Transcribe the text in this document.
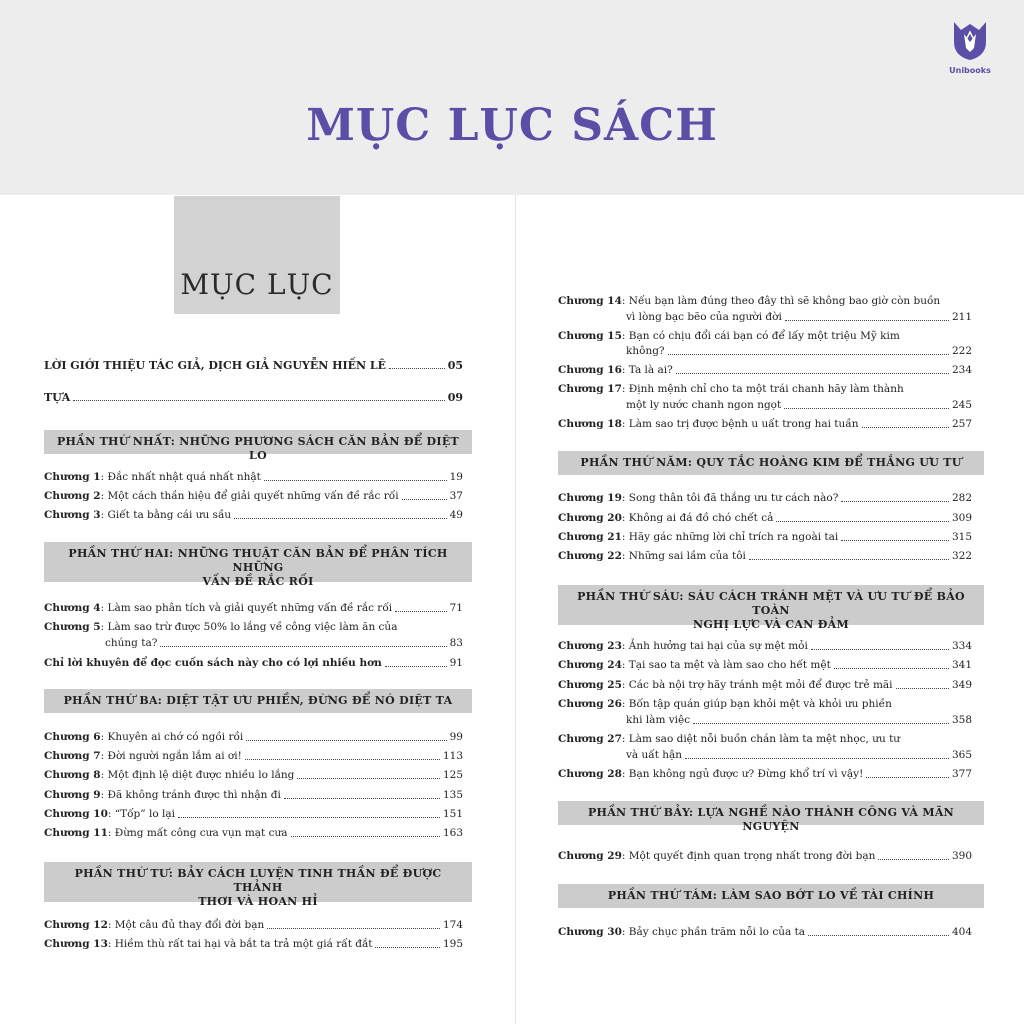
MỤC LỤC SÁCH
Unibooks
MỤC LỤC
LỜI GIỚI THIỆU TÁC GIẢ, DỊCH GIẢ NGUYỄN HIẾN LÊ	05
TỰA	09
PHẦN THỨ NHẤT: NHỮNG PHƯƠNG SÁCH CĂN BẢN ĐỂ DIỆT LO
Chương 1: Đắc nhất nhật quá nhất nhật	19
Chương 2: Một cách thần hiệu để giải quyết những vấn đề rắc rối	37
Chương 3: Giết ta bằng cái ưu sầu	49
PHẦN THỨ HAI: NHỮNG THUẬT CĂN BẢN ĐỂ PHÂN TÍCH NHỮNG
VẤN ĐỀ RẮC RỐI
Chương 4: Làm sao phân tích và giải quyết những vấn đề rắc rối	71
Chương 5: Làm sao trừ được 50% lo lắng về công việc làm ăn của
chúng ta?	83
Chỉ lời khuyên để đọc cuốn sách này cho có lợi nhiều hơn	91
PHẦN THỨ BA: DIỆT TẬT ƯU PHIỀN, ĐỪNG ĐỂ NÓ DIỆT TA
Chương 6: Khuyên ai chớ có ngồi rồi	99
Chương 7: Đời người ngắn lắm ai ơi!	113
Chương 8: Một định lệ diệt được nhiều lo lắng	125
Chương 9: Đã không tránh được thì nhận đi	135
Chương 10: “Tốp” lo lại	151
Chương 11: Đừng mất công cưa vụn mạt cưa	163
PHẦN THỨ TƯ: BẢY CÁCH LUYỆN TINH THẦN ĐỂ ĐƯỢC THẢNH
THƠI VÀ HOAN HỈ
Chương 12: Một câu đủ thay đổi đời bạn	174
Chương 13: Hiềm thù rất tai hại và bắt ta trả một giá rất đắt	195
Chương 14: Nếu bạn làm đúng theo đây thì sẽ không bao giờ còn buồn
vì lòng bạc bẽo của người đời	211
Chương 15: Bạn có chịu đổi cái bạn có để lấy một triệu Mỹ kim
không?	222
Chương 16: Ta là ai?	234
Chương 17: Định mệnh chỉ cho ta một trái chanh hãy làm thành
một ly nước chanh ngon ngọt	245
Chương 18: Làm sao trị được bệnh u uất trong hai tuần	257
PHẦN THỨ NĂM: QUY TẮC HOÀNG KIM ĐỂ THẮNG ƯU TƯ
Chương 19: Song thân tôi đã thắng ưu tư cách nào?	282
Chương 20: Không ai đá đồ chó chết cả	309
Chương 21: Hãy gác những lời chỉ trích ra ngoài tai	315
Chương 22: Những sai lầm của tôi	322
PHẦN THỨ SÁU: SÁU CÁCH TRÁNH MỆT VÀ ƯU TƯ ĐỂ BẢO TOÀN
NGHỊ LỰC VÀ CAN ĐẢM
Chương 23: Ảnh hưởng tai hại của sự mệt mỏi	334
Chương 24: Tại sao ta mệt và làm sao cho hết mệt	341
Chương 25: Các bà nội trợ hãy tránh mệt mỏi để được trẻ mãi	349
Chương 26: Bốn tập quán giúp bạn khỏi mệt và khỏi ưu phiền
khi làm việc	358
Chương 27: Làm sao diệt nỗi buồn chán làm ta mệt nhọc, ưu tư
và uất hận	365
Chương 28: Bạn không ngủ được ư? Đừng khổ trí vì vậy!	377
PHẦN THỨ BẢY: LỰA NGHỀ NÀO THÀNH CÔNG VÀ MÃN NGUYỆN
Chương 29: Một quyết định quan trọng nhất trong đời bạn	390
PHẦN THỨ TÁM: LÀM SAO BỚT LO VỀ TÀI CHÍNH
Chương 30: Bảy chục phần trăm nỗi lo của ta	404
